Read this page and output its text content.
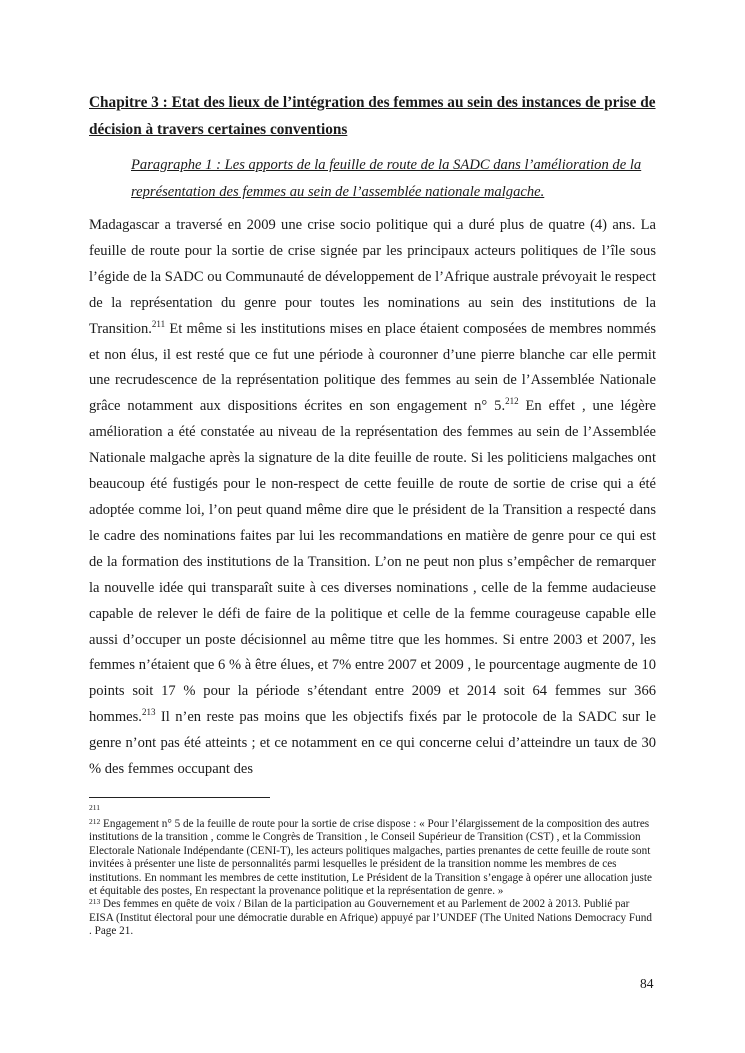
Chapitre 3 : Etat des lieux de l’intégration des femmes au sein des instances de prise de décision à travers certaines conventions
Paragraphe 1 : Les apports de la feuille de route de la SADC dans l’amélioration de la représentation des femmes au sein de l’assemblée nationale malgache.
Madagascar a traversé en 2009 une crise socio politique qui a duré plus de quatre (4) ans. La feuille de route pour la sortie de crise signée par les principaux acteurs politiques de l’île sous l’égide de la SADC ou Communauté de développement de l’Afrique australe prévoyait le respect de la représentation du genre pour toutes les nominations au sein des institutions de la Transition.$^{211}$ Et même si les institutions mises en place étaient composées de membres nommés et non élus, il est resté que ce fut une période à couronner d’une pierre blanche car elle permit une recrudescence de la représentation politique des femmes au sein de l’Assemblée Nationale grâce notamment aux dispositions écrites en son engagement n° 5.$^{212}$ En effet , une légère amélioration a été constatée au niveau de la représentation des femmes au sein de l’Assemblée Nationale malgache après la signature de la dite feuille de route. Si les politiciens malgaches ont beaucoup été fustigés pour le non-respect de cette feuille de route de sortie de crise qui a été adoptée comme loi, l’on peut quand même dire que le président de la Transition a respecté dans le cadre des nominations faites par lui les recommandations en matière de genre pour ce qui est de la formation des institutions de la Transition. L’on ne peut non plus s’empêcher de remarquer la nouvelle idée qui transparaît suite à ces diverses nominations , celle de la femme audacieuse capable de relever le défi de faire de la politique et celle de la femme courageuse capable elle aussi d’occuper un poste décisionnel au même titre que les hommes. Si entre 2003 et 2007, les femmes n’étaient que 6 % à être élues, et 7% entre 2007 et 2009 , le pourcentage augmente de 10 points soit 17 % pour la période s’étendant entre 2009 et 2014 soit 64 femmes sur 366 hommes.$^{213}$ Il n’en reste pas moins que les objectifs fixés par le protocole de la SADC sur le genre n’ont pas été atteints ; et ce notamment en ce qui concerne celui d’atteindre un taux de 30 % des femmes occupant des

$^{211}$

$^{212}$ Engagement n° 5 de la feuille de route pour la sortie de crise dispose : « Pour l’élargissement de la composition des autres institutions de la transition , comme le Congrès de Transition , le Conseil Supérieur de Transition (CST) , et la Commission Electorale Nationale Indépendante (CENI-T), les acteurs politiques malgaches, parties prenantes de cette feuille de route sont invitées à présenter une liste de personnalités parmi lesquelles le président de la transition nomme les membres de ces institutions. En nommant les membres de cette institution, Le Président de la Transition s’engage à opérer une allocation juste et équitable des postes, En respectant la provenance politique et la représentation de genre. »

$^{213}$ Des femmes en quête de voix / Bilan de la participation au Gouvernement et au Parlement de 2002 à 2013. Publié par EISA (Institut électoral pour une démocratie durable en Afrique) appuyé par l’UNDEF (The United Nations Democracy Fund . Page 21.

84
